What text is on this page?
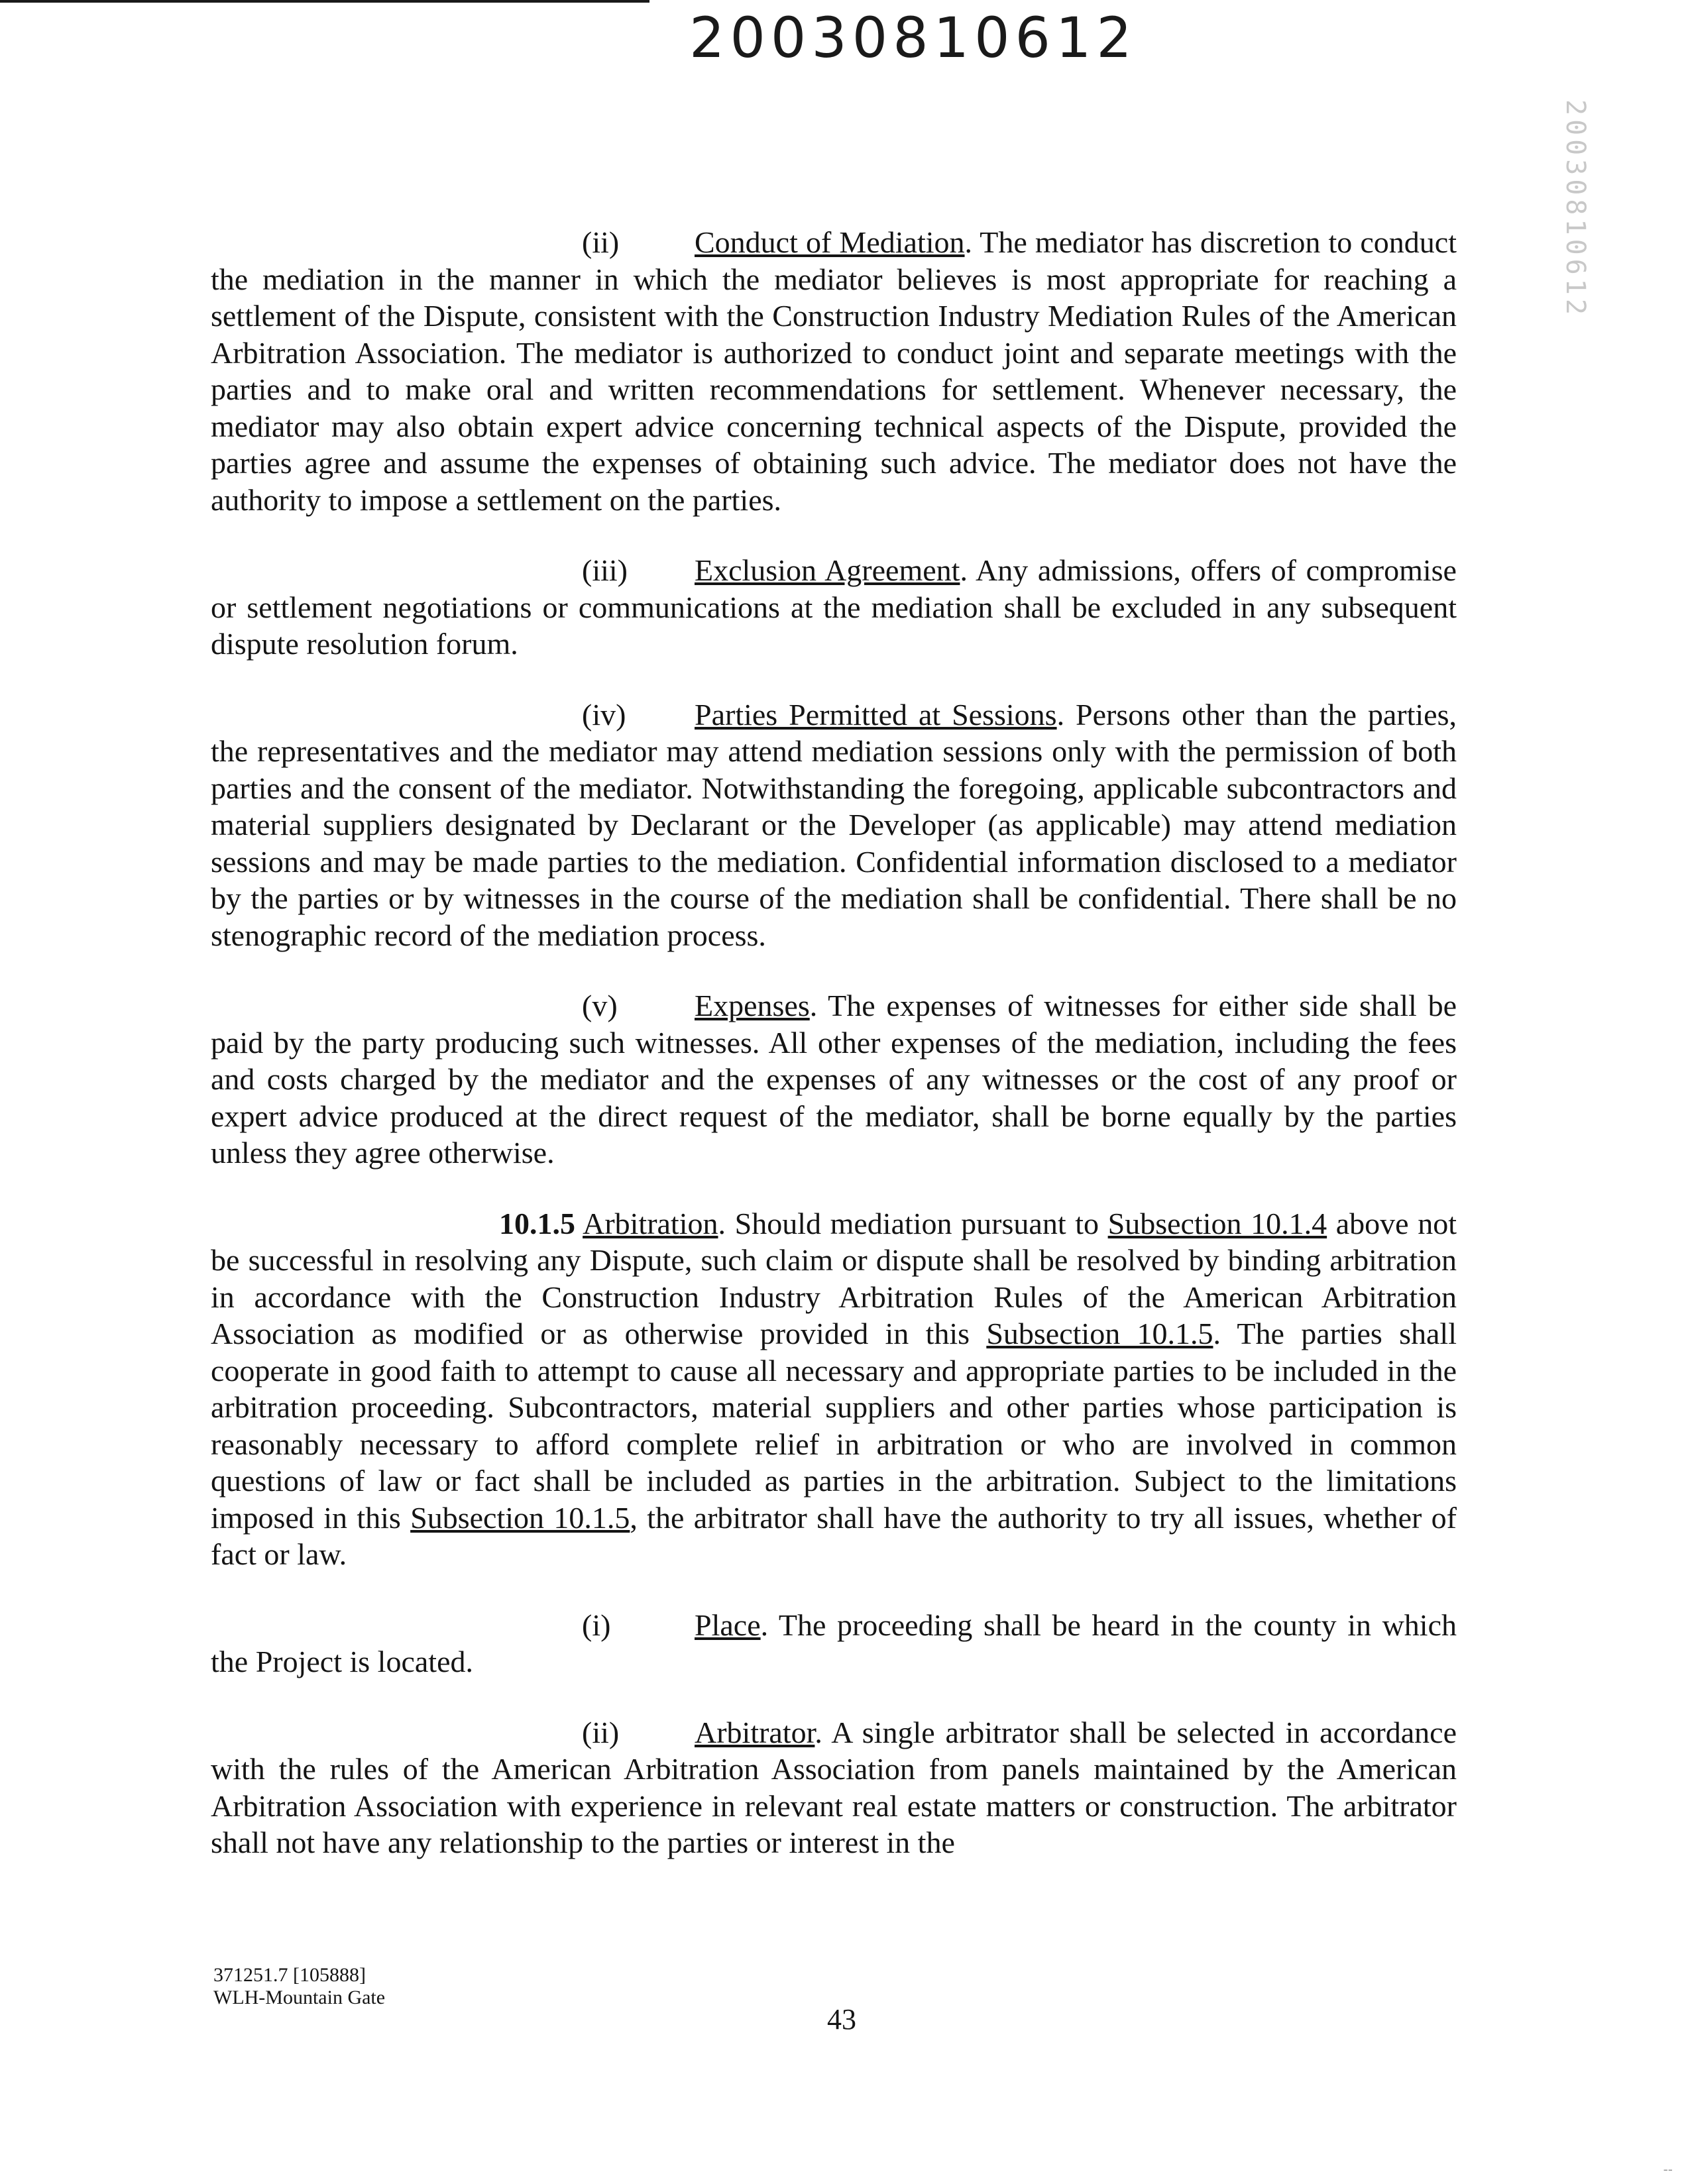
20030810612
20030810612

(ii) Conduct of Mediation. The mediator has discretion to conduct the mediation in the manner in which the mediator believes is most appropriate for reaching a settlement of the Dispute, consistent with the Construction Industry Mediation Rules of the American Arbitration Association. The mediator is authorized to conduct joint and separate meetings with the parties and to make oral and written recommendations for settlement. Whenever necessary, the mediator may also obtain expert advice concerning technical aspects of the Dispute, provided the parties agree and assume the expenses of obtaining such advice. The mediator does not have the authority to impose a settlement on the parties.

(iii) Exclusion Agreement. Any admissions, offers of compromise or settlement negotiations or communications at the mediation shall be excluded in any subsequent dispute resolution forum.

(iv) Parties Permitted at Sessions. Persons other than the parties, the representatives and the mediator may attend mediation sessions only with the permission of both parties and the consent of the mediator. Notwithstanding the foregoing, applicable subcontractors and material suppliers designated by Declarant or the Developer (as applicable) may attend mediation sessions and may be made parties to the mediation. Confidential information disclosed to a mediator by the parties or by witnesses in the course of the mediation shall be confidential. There shall be no stenographic record of the mediation process.

(v)	Expenses. The expenses of witnesses for either side shall be paid by the party producing such witnesses. All other expenses of the mediation, including the fees and costs charged by the mediator and the expenses of any witnesses or the cost of any proof or expert advice produced at the direct request of the mediator, shall be borne equally by the parties unless they agree otherwise.

10.1.5 Arbitration. Should mediation pursuant to Subsection 10.1.4 above not be successful in resolving any Dispute, such claim or dispute shall be resolved by binding arbitration in accordance with the Construction Industry Arbitration Rules of the American Arbitration Association as modified or as otherwise provided in this Subsection 10.1.5. The parties shall cooperate in good faith to attempt to cause all necessary and appropriate parties to be included in the arbitration proceeding. Subcontractors, material suppliers and other parties whose participation is reasonably necessary to afford complete relief in arbitration or who are involved in common questions of law or fact shall be included as parties in the arbitration. Subject to the limitations imposed in this Subsection 10.1.5, the arbitrator shall have the authority to try all issues, whether of fact or law.

(i)	Place. The proceeding shall be heard in the county in which the Project is located.

(ii) Arbitrator. A single arbitrator shall be selected in accordance with the rules of the American Arbitration Association from panels maintained by the American Arbitration Association with experience in relevant real estate matters or construction. The arbitrator shall not have any relationship to the parties or interest in the

371251.7 [105888]
WLH-Mountain Gate
43
--
